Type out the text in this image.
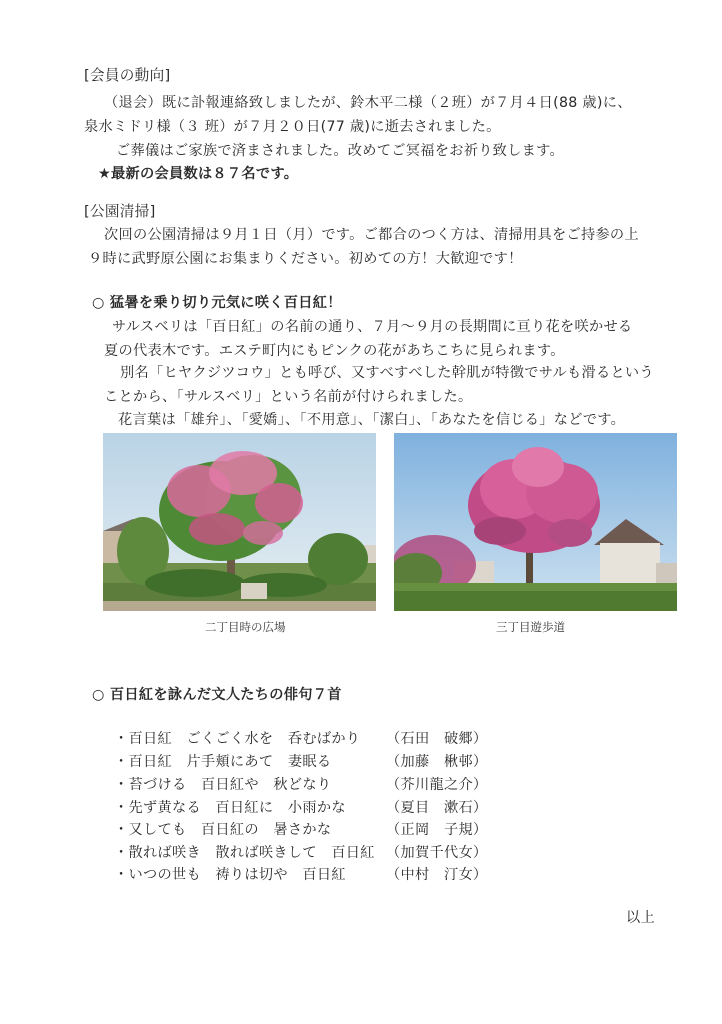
[会員の動向]
（退会）既に訃報連絡致しましたが、鈴木平二様（２班）が７月４日(88 歳)に、
泉水ミドリ様（３ 班）が７月２０日(77 歳)に逝去されました。
ご葬儀はご家族で済まされました。改めてご冥福をお祈り致します。
★最新の会員数は８７名です。
[公園清掃]
次回の公園清掃は９月１日（月）です。ご都合のつく方は、清掃用具をご持参の上
９時に武野原公園にお集まりください。初めての方！大歓迎です！
○ 猛暑を乗り切り元気に咲く百日紅！
サルスベリは「百日紅」の名前の通り、７月～９月の長期間に亘り花を咲かせる
夏の代表木です。エステ町内にもピンクの花があちこちに見られます。
別名「ヒヤクジツコウ」とも呼び、又すべすべした幹肌が特徴でサルも滑るという
ことから、「サルスベリ」という名前が付けられました。
花言葉は「雄弁」、「愛嬌」、「不用意」、「潔白」、「あなたを信じる」などです。
二丁目時の広場	三丁目遊歩道
○ 百日紅を詠んだ文人たちの俳句７首
・百日紅　ごくごく水を　呑むばかり （石田　破郷）
・百日紅　片手頬にあて　妻眠る	（加藤　楸邨）
・苔づける　百日紅や　秋どなり	（芥川龍之介）
・先ず黄なる　百日紅に　小雨かな	（夏目　漱石）
・又しても　百日紅の　暑さかな	（正岡　子規）
・散れば咲き　散れば咲きして　百日紅 （加賀千代女）
・いつの世も　祷りは切や　百日紅	（中村　汀女）
以上
